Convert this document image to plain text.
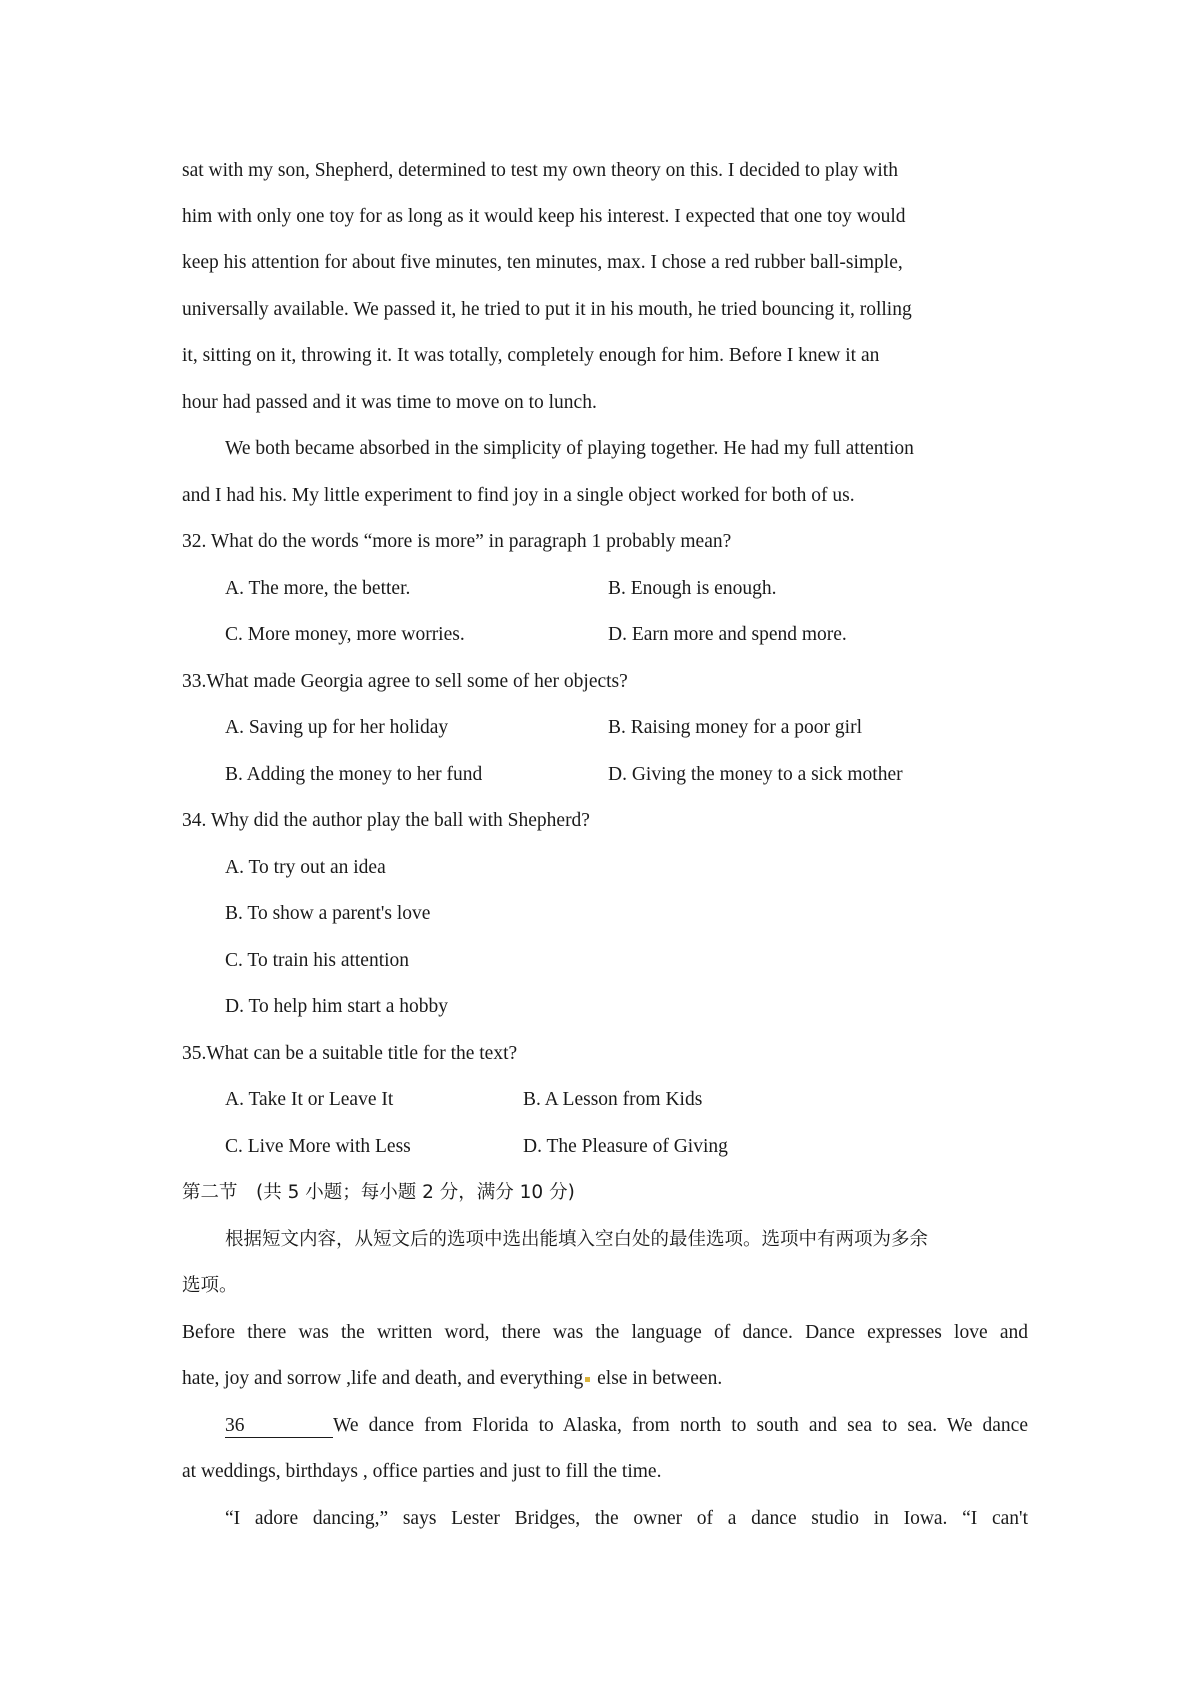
sat with my son, Shepherd, determined to test my own theory on this. I decided to play with
him with only one toy for as long as it would keep his interest. I expected that one toy would
keep his attention for about five minutes, ten minutes, max. I chose a red rubber ball-simple,
universally available. We passed it, he tried to put it in his mouth, he tried bouncing it, rolling
it, sitting on it, throwing it. It was totally, completely enough for him. Before I knew it an
hour had passed and it was time to move on to lunch.
We both became absorbed in the simplicity of playing together. He had my full attention
and I had his. My little experiment to find joy in a single object worked for both of us.
32. What do the words “more is more” in paragraph 1 probably mean?
A. The more, the better.	B. Enough is enough.
C. More money, more worries.	D. Earn more and spend more.
33.What made Georgia agree to sell some of her objects?
A. Saving up for her holiday	B. Raising money for a poor girl
B. Adding the money to her fund	D. Giving the money to a sick mother
34. Why did the author play the ball with Shepherd?
A. To try out an idea
B. To show a parent's love
C. To train his attention
D. To help him start a hobby
35.What can be a suitable title for the text?
A. Take It or Leave It	B. A Lesson from Kids
C. Live More with Less	D. The Pleasure of Giving
第二节　(共 5 小题；每小题 2 分，满分 10 分)
根据短文内容，从短文后的选项中选出能填入空白处的最佳选项。选项中有两项为多余
选项。
Before there was the written word, there was the language of dance. Dance expresses love and
hate, joy and sorrow ,life and death, and everything else in between.
36	We dance from Florida to Alaska, from north to south and sea to sea. We dance
at weddings, birthdays , office parties and just to fill the time.
“I adore dancing,” says Lester Bridges, the owner of a dance studio in Iowa. “I can't
